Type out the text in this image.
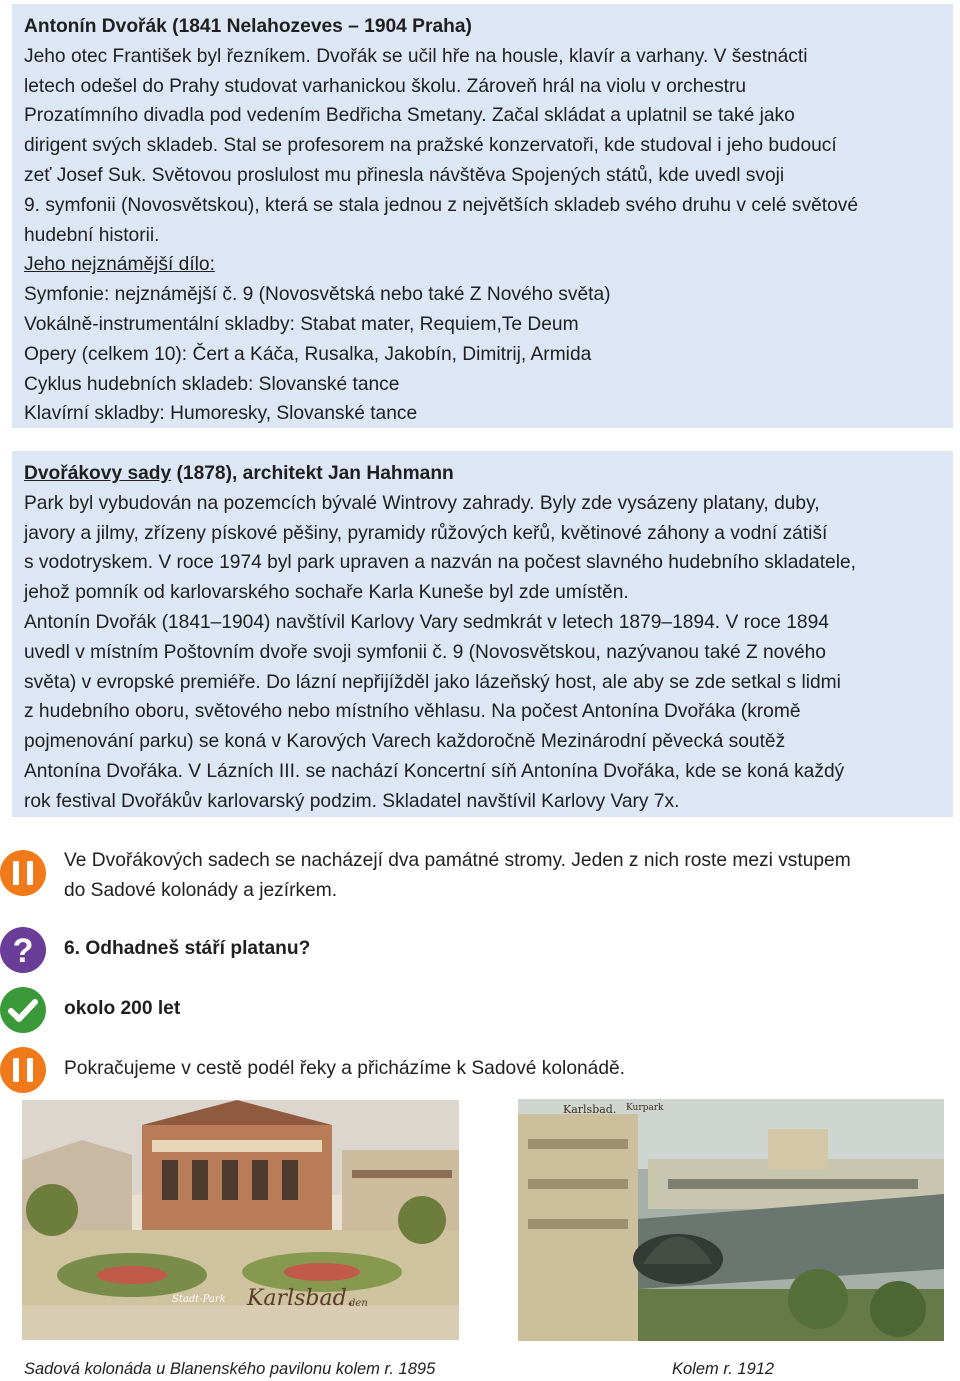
Antonín Dvořák (1841 Nelahozeves – 1904 Praha)

Jeho otec František byl řezníkem. Dvořák se učil hře na housle, klavír a varhany. V šestnácti

letech odešel do Prahy studovat varhanickou školu. Zároveň hrál na violu v orchestru

Prozatímního divadla pod vedením Bedřicha Smetany. Začal skládat a uplatnil se také jako

dirigent svých skladeb. Stal se profesorem na pražské konzervatoři, kde studoval i jeho budoucí

zeť Josef Suk. Světovou proslulost mu přinesla návštěva Spojených států, kde uvedl svoji

9. symfonii (Novosvětskou), která se stala jednou z největších skladeb svého druhu v celé světové

hudební historii.

Jeho nejznámější dílo:

Symfonie: nejznámější č. 9 (Novosvětská nebo také Z Nového světa)

Vokálně-instrumentální skladby: Stabat mater, Requiem,Te Deum

Opery (celkem 10): Čert a Káča, Rusalka, Jakobín, Dimitrij, Armida

Cyklus hudebních skladeb: Slovanské tance

Klavírní skladby: Humoresky, Slovanské tance

Dvořákovy sady (1878), architekt Jan Hahmann

Park byl vybudován na pozemcích bývalé Wintrovy zahrady. Byly zde vysázeny platany, duby,

javory a jilmy, zřízeny pískové pěšiny, pyramidy růžových keřů, květinové záhony a vodní zátiší

s vodotryskem. V roce 1974 byl park upraven a nazván na počest slavného hudebního skladatele,

jehož pomník od karlovarského sochaře Karla Kuneše byl zde umístěn.

Antonín Dvořák (1841–1904) navštívil Karlovy Vary sedmkrát v letech 1879–1894. V roce 1894

uvedl v místním Poštovním dvoře svoji symfonii č. 9 (Novosvětskou, nazývanou také Z nového

světa) v evropské premiéře. Do lázní nepřijížděl jako lázeňský host, ale aby se zde setkal s lidmi

z hudebního oboru, světového nebo místního věhlasu. Na počest Antonína Dvořáka (kromě

pojmenování parku) se koná v Karových Varech každoročně Mezinárodní pěvecká soutěž

Antonína Dvořáka. V Lázních III. se nachází Koncertní síň Antonína Dvořáka, kde se koná každý

rok festival Dvořákův karlovarský podzim. Skladatel navštívil Karlovy Vary 7x.

Ve Dvořákových sadech se nacházejí dva památné stromy. Jeden z nich roste mezi vstupem
do Sadové kolonády a jezírkem.

? 6. Odhadneš stáří platanu?

okolo 200 let

Pokračujeme v cestě podél řeky a přicházíme k Sadové kolonádě.

Stadt-Park Karlsbad.
den
Karlsbad. Kurpark

Sadová kolonáda u Blanenského pavilonu kolem r. 1895	Kolem r. 1912
